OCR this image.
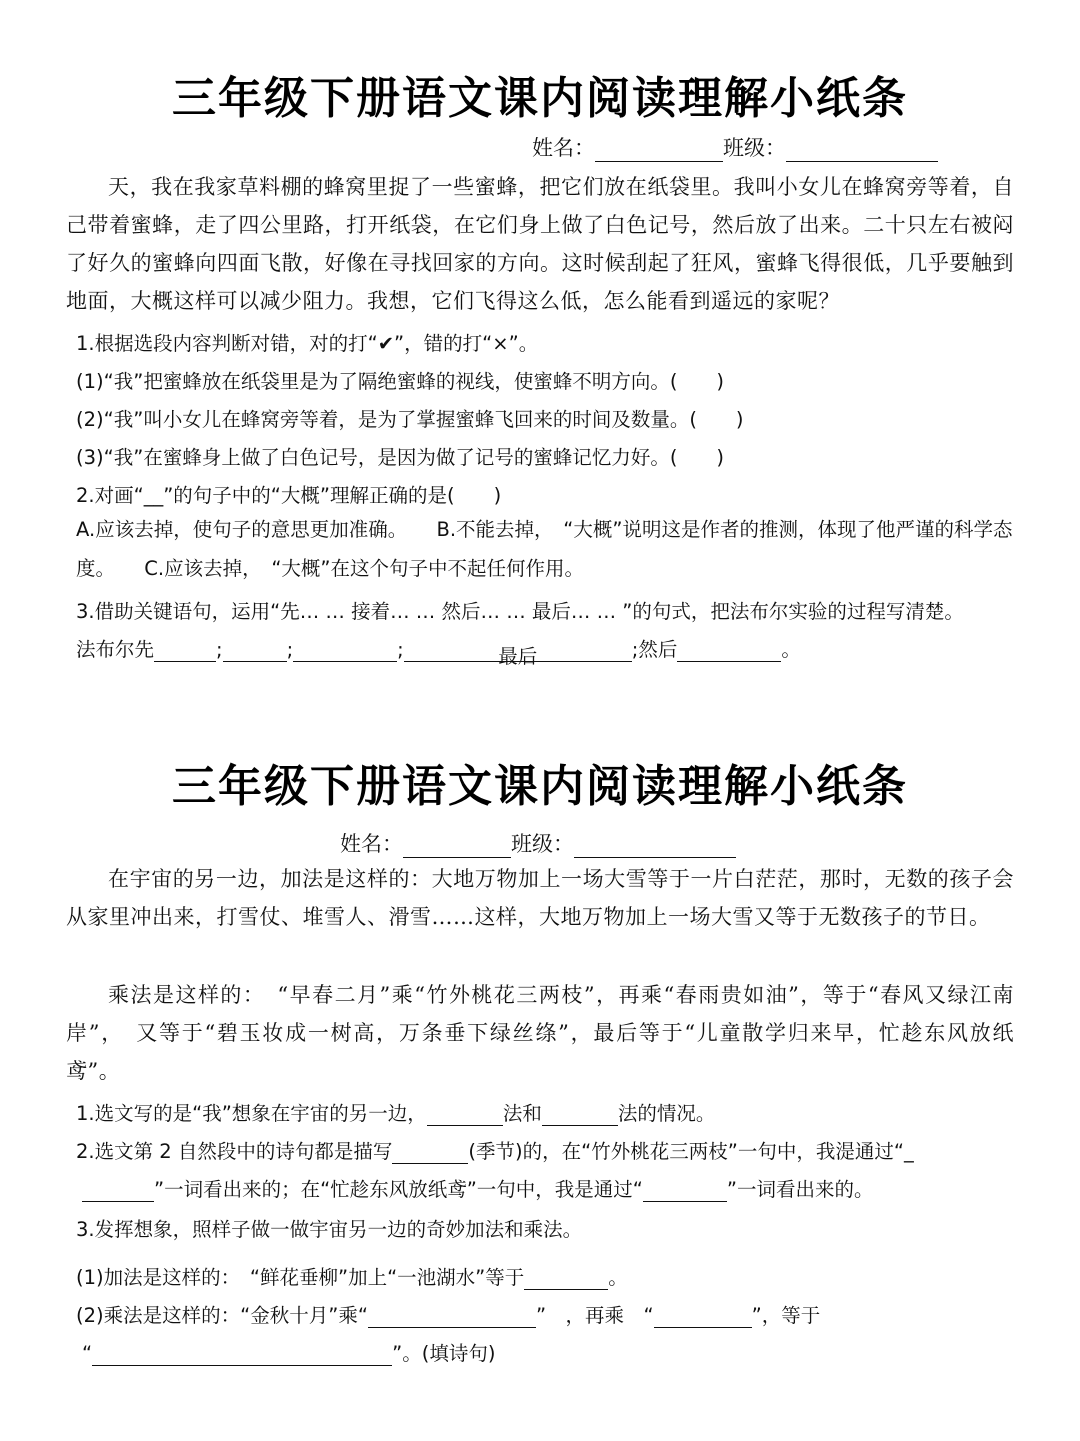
三年级下册语文课内阅读理解小纸条
姓名：	班级：
天，我在我家草料棚的蜂窝里捉了一些蜜蜂，把它们放在纸袋里。我叫小女儿在蜂窝旁等着，自己带着蜜蜂，走了四公里路，打开纸袋，在它们身上做了白色记号，然后放了出来。二十只左右被闷了好久的蜜蜂向四面飞散，好像在寻找回家的方向。这时候刮起了狂风，蜜蜂飞得很低，几乎要触到地面，大概这样可以减少阻力。我想，它们飞得这么低，怎么能看到遥远的家呢？
1.根据选段内容判断对错，对的打“✔”，错的打“×”。
(1)“我”把蜜蜂放在纸袋里是为了隔绝蜜蜂的视线，使蜜蜂不明方向。(　　)
(2)“我”叫小女儿在蜂窝旁等着，是为了掌握蜜蜂飞回来的时间及数量。(　　)
(3)“我”在蜜蜂身上做了白色记号，是因为做了记号的蜜蜂记忆力好。(　　)
2.对画“__”的句子中的“大概”理解正确的是(　　)
A.应该去掉，使句子的意思更加准确。　　B.不能去掉，　“大概”说明这是作者的推测，体现了他严谨的科学态度。　　C.应该去掉，　“大概”在这个句子中不起任何作用。
3.借助关键语句，运用“先… … 接着… … 然后… … 最后… … ”的句式，把法布尔实验的过程写清楚。
法布尔先	;	;	;	最后	;然后	。
三年级下册语文课内阅读理解小纸条
姓名：	班级：
在宇宙的另一边，加法是这样的：大地万物加上一场大雪等于一片白茫茫，那时，无数的孩子会从家里冲出来，打雪仗、堆雪人、滑雪……这样，大地万物加上一场大雪又等于无数孩子的节日。
乘法是这样的：　“早春二月”乘“竹外桃花三两枝”，再乘“春雨贵如油”，等于“春风又绿江南岸”，　又等于“碧玉妆成一树高，万条垂下绿丝绦”，最后等于“儿童散学归来早，忙趁东风放纸鸢”。
1.选文写的是“我”想象在宇宙的另一边，	法和	法的情况。
2.选文第 2 自然段中的诗句都是描写	(季节)的，在“竹外桃花三两枝”一句中，我湜通过“_
”一词看出来的；在“忙趁东风放纸鸢”一句中，我是通过“	”一词看出来的。
3.发挥想象，照样子做一做宇宙另一边的奇妙加法和乘法。
(1)加法是这样的：　“鲜花垂柳”加上“一池湖水”等于	。
(2)乘法是这样的：“金秋十月”乘“	”　，再乘　“	”，等于
“	”。(填诗句)
